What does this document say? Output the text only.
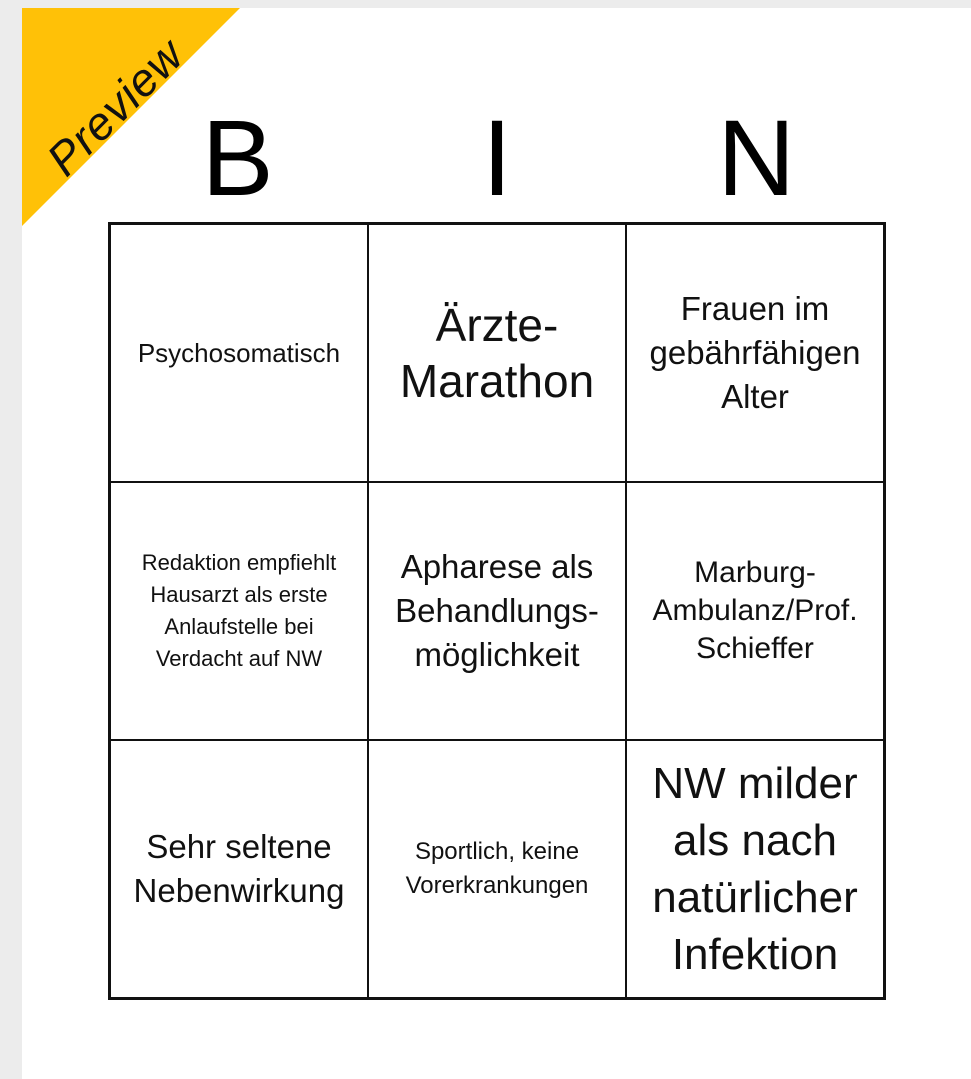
Preview B	I	N
Psychosomatisch
Ärzte-Marathon
Frauen im gebährfähigen Alter
Redaktion empfiehlt Hausarzt als erste Anlaufstelle bei Verdacht auf NW
Apharese als Behandlungs-möglichkeit
Marburg-Ambulanz/Prof. Schieffer
Sehr seltene Nebenwirkung
Sportlich, keine Vorerkrankungen
NW milder als nach natürlicher Infektion
